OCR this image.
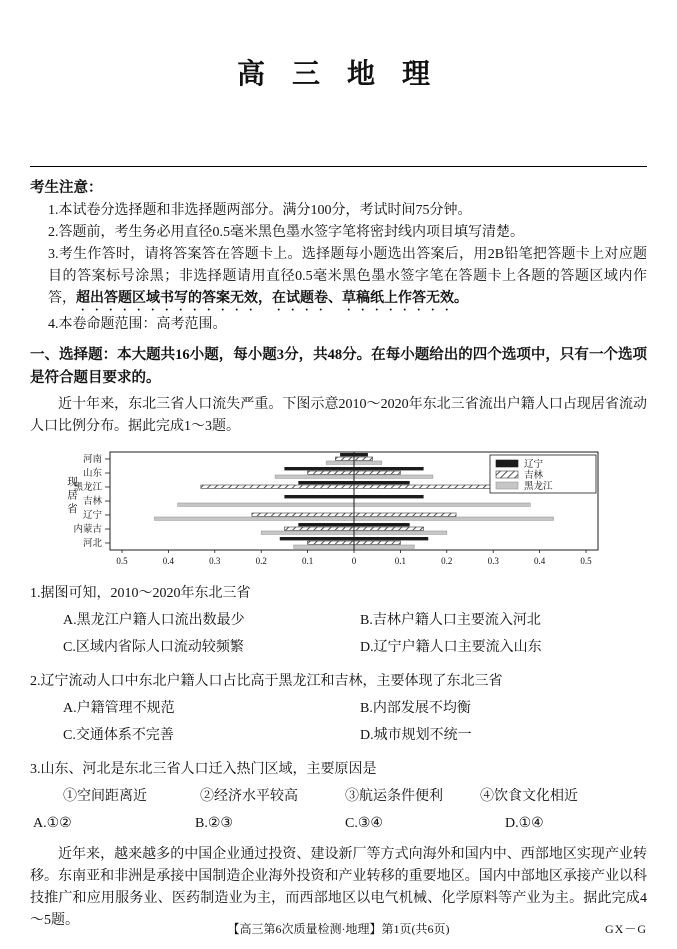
高 三 地 理
考生注意：
1.本试卷分选择题和非选择题两部分。满分100分，考试时间75分钟。
2.答题前，考生务必用直径0.5毫米黑色墨水签字笔将密封线内项目填写清楚。
3.考生作答时，请将答案答在答题卡上。选择题每小题选出答案后，用2B铅笔把答题卡上对应题目的答案标号涂黑；非选择题请用直径0.5毫米黑色墨水签字笔在答题卡上各题的答题区域内作答，超出答题区域书写的答案无效，在试题卷、草稿纸上作答无效。
4.本卷命题范围：高考范围。
一、选择题：本大题共16小题，每小题3分，共48分。在每小题给出的四个选项中，只有一个选项是符合题目要求的。

近十年来，东北三省人口流失严重。下图示意2010～2020年东北三省流出户籍人口占现居省流动人口比例分布。据此完成1～3题。

现居省
河南
山东
黑龙江
吉林
辽宁
内蒙古
河北
0.5	0.4	0.3	0.2	0.1	0	0.1	0.2	0.3	0.4	0.5
辽宁
吉林
黑龙江
1.据图可知，2010～2020年东北三省
A.黑龙江户籍人口流出数最少	B.吉林户籍人口主要流入河北
C.区域内省际人口流动较频繁	D.辽宁户籍人口主要流入山东
2.辽宁流动人口中东北户籍人口占比高于黑龙江和吉林，主要体现了东北三省
A.户籍管理不规范	B.内部发展不均衡
C.交通体系不完善	D.城市规划不统一
3.山东、河北是东北三省人口迁入热门区域，主要原因是
①空间距离近	②经济水平较高	③航运条件便利	④饮食文化相近
A.①②	B.②③	C.③④	D.①④

近年来，越来越多的中国企业通过投资、建设新厂等方式向海外和国内中、西部地区实现产业转移。东南亚和非洲是承接中国制造企业海外投资和产业转移的重要地区。国内中部地区承接产业以科技推广和应用服务业、医药制造业为主，而西部地区以电气机械、化学原料等产业为主。据此完成4～5题。

【高三第6次质量检测·地理】第1页(共6页)	GX－G
